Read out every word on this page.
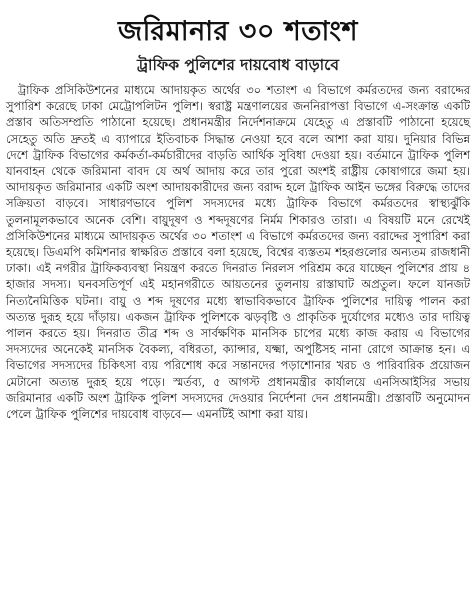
জরিমানার ৩০ শতাংশ
ট্রাফিক পুলিশের দায়বোধ বাড়াবে

ট্রাফিক প্রসিকিউশনের মাধ্যমে আদায়কৃত অর্থের ৩০ শতাংশ এ বিভাগে কর্মরতদের জন্য বরাদ্দের সুপারিশ করেছে ঢাকা মেট্রোপলিটন পুলিশ। স্বরাষ্ট্র মন্ত্রণালয়ের জননিরাপত্তা বিভাগে এ-সংক্রান্ত একটি প্রস্তাব অতিসম্প্রতি পাঠানো হয়েছে। প্রধানমন্ত্রীর নির্দেশনাক্রমে যেহেতু এ প্রস্তাবটি পাঠানো হয়েছে সেহেতু অতি দ্রুতই এ ব্যাপারে ইতিবাচক সিদ্ধান্ত নেওয়া হবে বলে আশা করা যায়। দুনিয়ার বিভিন্ন দেশে ট্রাফিক বিভাগের কর্মকর্তা-কর্মচারীদের বাড়তি আর্থিক সুবিধা দেওয়া হয়। বর্তমানে ট্রাফিক পুলিশ যানবাহন থেকে জরিমানা বাবদ যে অর্থ আদায় করে তার পুরো অংশই রাষ্ট্রীয় কোষাগারে জমা হয়। আদায়কৃত জরিমানার একটি অংশ আদায়কারীদের জন্য বরাদ্দ হলে ট্রাফিক আইন ভঙ্গের বিরুদ্ধে তাদের সক্রিয়তা বাড়বে। সাধারণভাবে পুলিশ সদস্যদের মধ্যে ট্রাফিক বিভাগে কর্মরতদের স্বাস্থ্যঝুঁকি তুলনামূলকভাবে অনেক বেশি। বায়ুদূষণ ও শব্দদূষণের নির্মম শিকারও তারা। এ বিষয়টি মনে রেখেই প্রসিকিউশনের মাধ্যমে আদায়কৃত অর্থের ৩০ শতাংশ এ বিভাগে কর্মরতদের জন্য বরাদ্দের সুপারিশ করা হয়েছে। ডিএমপি কমিশনার স্বাক্ষরিত প্রস্তাবে বলা হয়েছে, বিশ্বের ব্যস্ততম শহরগুলোর অন্যতম রাজধানী ঢাকা। এই নগরীর ট্রাফিকব্যবস্থা নিয়ন্ত্রণ করতে দিনরাত নিরলস পরিশ্রম করে যাচ্ছেন পুলিশের প্রায় ৪ হাজার সদস্য। ঘনবসতিপূর্ণ এই মহানগরীতে আয়তনের তুলনায় রাস্তাঘাট অপ্রতুল। ফলে যানজট নিত্যনৈমিত্তিক ঘটনা। বায়ু ও শব্দ দূষণের মধ্যে স্বাভাবিকভাবে ট্রাফিক পুলিশের দায়িত্ব পালন করা অত্যন্ত দুরূহ হয়ে দাঁড়ায়। একজন ট্রাফিক পুলিশকে ঝড়বৃষ্টি ও প্রাকৃতিক দুর্যোগের মধ্যেও তার দায়িত্ব পালন করতে হয়। দিনরাত তীব্র শব্দ ও সার্বক্ষণিক মানসিক চাপের মধ্যে কাজ করায় এ বিভাগের সদস্যদের অনেকেই মানসিক বৈকল্য, বধিরতা, ক্যান্সার, যক্ষ্মা, অপুষ্টিসহ নানা রোগে আক্রান্ত হন। এ বিভাগের সদস্যদের চিকিৎসা ব্যয় পরিশোধ করে সন্তানদের পড়াশোনার খরচ ও পারিবারিক প্রয়োজন মেটানো অত্যন্ত দুরূহ হয়ে পড়ে। স্মর্তব্য, ৫ আগস্ট প্রধানমন্ত্রীর কার্যালয়ে এনসিআইসির সভায় জরিমানার একটি অংশ ট্রাফিক পুলিশ সদস্যদের দেওয়ার নির্দেশনা দেন প্রধানমন্ত্রী। প্রস্তাবটি অনুমোদন পেলে ট্রাফিক পুলিশের দায়বোধ বাড়বে— এমনটিই আশা করা যায়।
